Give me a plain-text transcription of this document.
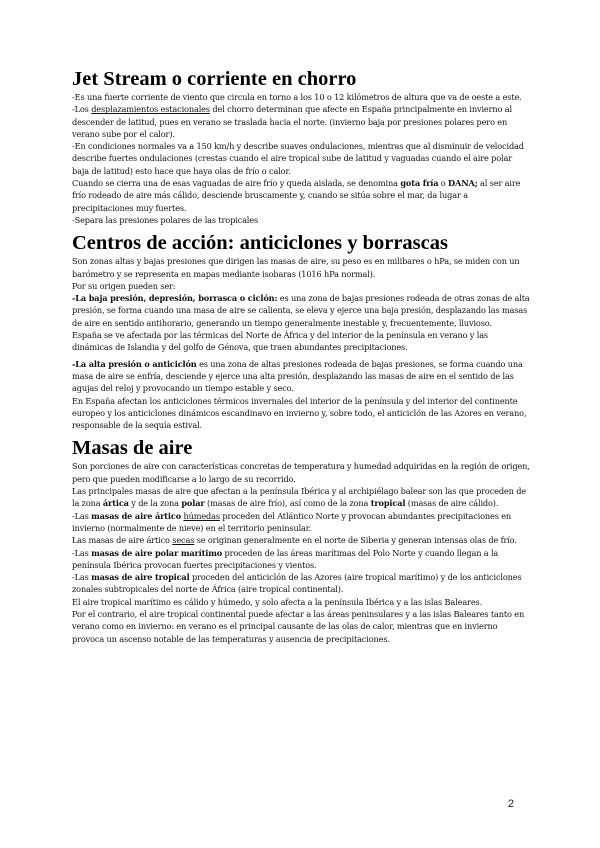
Jet Stream o corriente en chorro

-Es una fuerte corriente de viento que circula en torno a los 10 o 12 kilómetros de altura que va de oeste a este.

-Los desplazamientos estacionales del chorro determinan que afecte en España principalmente en invierno al descender de latitud, pues en verano se traslada hacia el norte. (invierno baja por presiones polares pero en verano sube por el calor).

-En condiciones normales va a 150 km/h y describe suaves ondulaciones, mientras que al disminuir de velocidad describe fuertes ondulaciones (crestas cuando el aire tropical sube de latitud y vaguadas cuando el aire polar baja de latitud) esto hace que haya olas de frío o calor.

Cuando se cierra una de esas vaguadas de aire frío y queda aislada, se denomina gota fría o DANA; al ser aire frío rodeado de aire más cálido, desciende bruscamente y, cuando se sitúa sobre el mar, da lugar a precipitaciones muy fuertes.

-Separa las presiones polares de las tropicales

Centros de acción: anticiclones y borrascas

Son zonas altas y bajas presiones que dirigen las masas de aire, su peso es en milibares o hPa, se miden con un barómetro y se representa en mapas mediante isobaras (1016 hPa normal).

Por su origen pueden ser:

-La baja presión, depresión, borrasca o ciclón: es una zona de bajas presiones rodeada de otras zonas de alta presión, se forma cuando una masa de aire se calienta, se eleva y ejerce una baja presión, desplazando las masas de aire en sentido antihorario, generando un tiempo generalmente inestable y, frecuentemente, lluvioso.

España se ve afectada por las térmicas del Norte de África y del interior de la península en verano y las dinámicas de Islandia y del golfo de Génova, que traen abundantes precipitaciones.

-La alta presión o anticiclón es una zona de altas presiones rodeada de bajas presiones, se forma cuando una masa de aire se enfría, desciende y ejerce una alta presión, desplazando las masas de aire en el sentido de las agujas del reloj y provocando un tiempo estable y seco.

En España afectan los anticiclones térmicos invernales del interior de la península y del interior del continente europeo y los anticiclones dinámicos escandinavo en invierno y, sobre todo, el anticiclón de las Azores en verano, responsable de la sequía estival.

Masas de aire

Son porciones de aire con características concretas de temperatura y humedad adquiridas en la región de origen, pero que pueden modificarse a lo largo de su recorrido.

Las principales masas de aire que afectan a la península Ibérica y al archipiélago balear son las que proceden de la zona ártica y de la zona polar (masas de aire frío), así como de la zona tropical (masas de aire cálido).

-Las masas de aire ártico húmedas proceden del Atlántico Norte y provocan abundantes precipitaciones en invierno (normalmente de nieve) en el territorio peninsular.

Las masas de aire ártico secas se originan generalmente en el norte de Siberia y generan intensas olas de frío.

-Las masas de aire polar marítimo proceden de las áreas marítimas del Polo Norte y cuando llegan a la península Ibérica provocan fuertes precipitaciones y vientos.

-Las masas de aire tropical proceden del anticiclón de las Azores (aire tropical marítimo) y de los anticiclones zonales subtropicales del norte de África (aire tropical continental).

El aire tropical marítimo es cálido y húmedo, y solo afecta a la península Ibérica y a las islas Baleares.

Por el contrario, el aire tropical continental puede afectar a las áreas peninsulares y a las islas Baleares tanto en verano como en invierno: en verano es el principal causante de las olas de calor, mientras que en invierno provoca un ascenso notable de las temperaturas y ausencia de precipitaciones.

2
